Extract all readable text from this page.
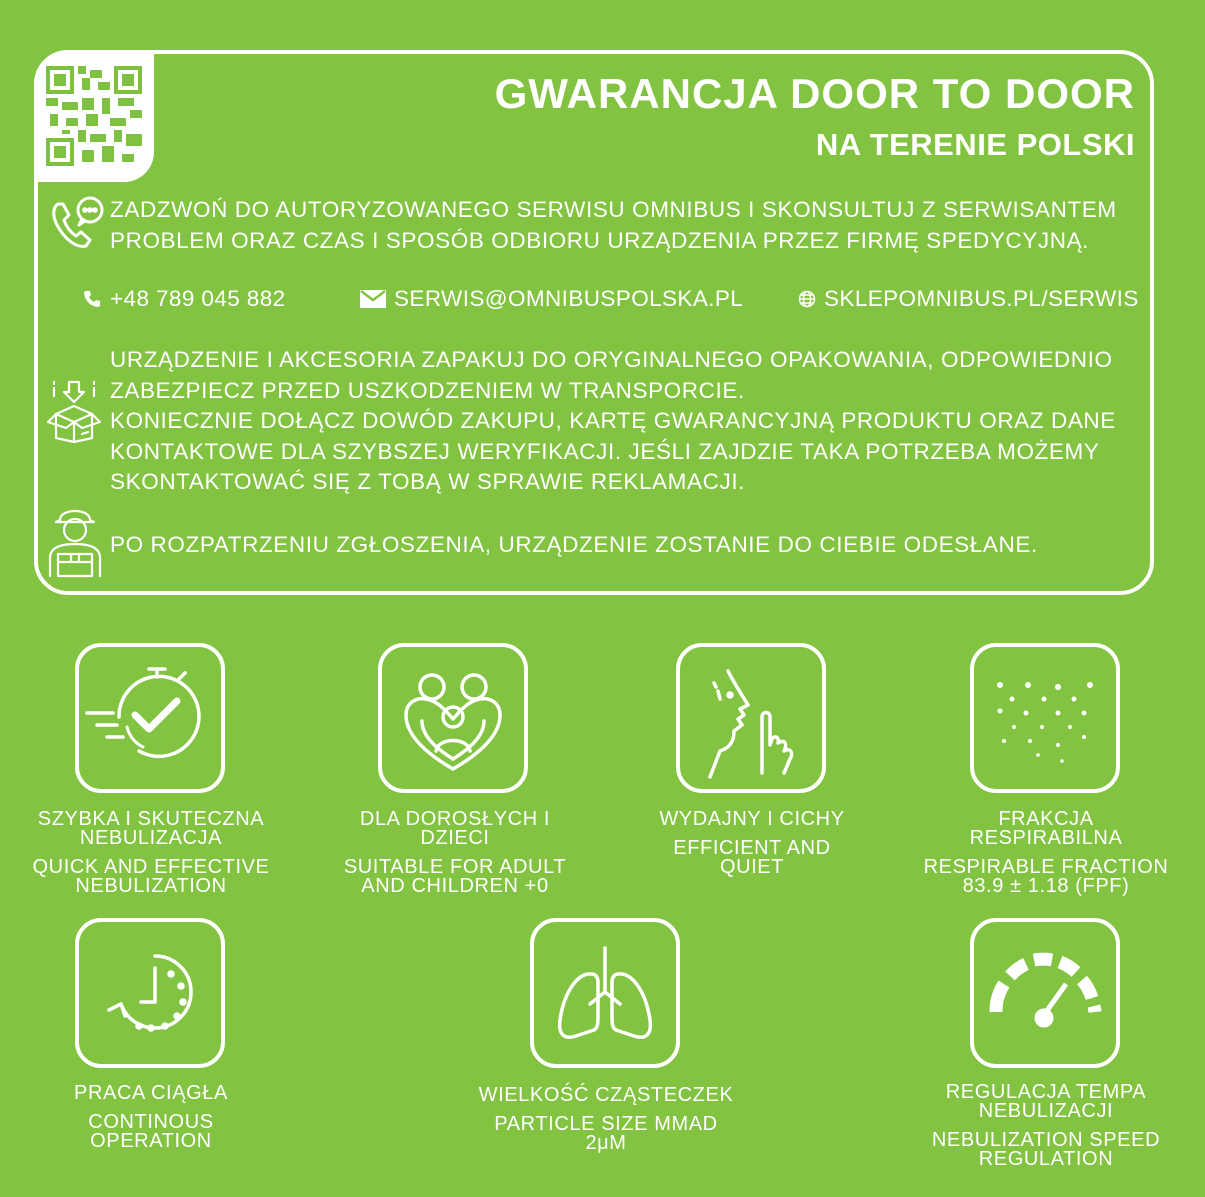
GWARANCJA DOOR TO DOOR
NA TERENIE POLSKI
ZADZWOŃ DO AUTORYZOWANEGO SERWISU OMNIBUS I SKONSULTUJ Z SERWISANTEM
PROBLEM ORAZ CZAS I SPOSÓB ODBIORU URZĄDZENIA PRZEZ FIRMĘ SPEDYCYJNĄ.
+48 789 045 882	SERWIS@OMNIBUSPOLSKA.PL	SKLEPOMNIBUS.PL/SERWIS
URZĄDZENIE I AKCESORIA ZAPAKUJ DO ORYGINALNEGO OPAKOWANIA, ODPOWIEDNIO
ZABEZPIECZ PRZED USZKODZENIEM W TRANSPORCIE.
KONIECZNIE DOŁĄCZ DOWÓD ZAKUPU, KARTĘ GWARANCYJNĄ PRODUKTU ORAZ DANE
KONTAKTOWE DLA SZYBSZEJ WERYFIKACJI. JEŚLI ZAJDZIE TAKA POTRZEBA MOŻEMY
SKONTAKTOWAĆ SIĘ Z TOBĄ W SPRAWIE REKLAMACJI.
PO ROZPATRZENIU ZGŁOSZENIA, URZĄDZENIE ZOSTANIE DO CIEBIE ODESŁANE.
SZYBKA I SKUTECZNA
NEBULIZACJA
QUICK AND EFFECTIVE
NEBULIZATION
DLA DOROSŁYCH I
DZIECI
SUITABLE FOR ADULT
AND CHILDREN +0
WYDAJNY I CICHY
EFFICIENT AND
QUIET
FRAKCJA
RESPIRABILNA
RESPIRABLE FRACTION
83.9 ± 1.18 (FPF)
PRACA CIĄGŁA
CONTINOUS
OPERATION
WIELKOŚĆ CZĄSTECZEK
PARTICLE SIZE MMAD
2μM
REGULACJA TEMPA
NEBULIZACJI
NEBULIZATION SPEED
REGULATION
